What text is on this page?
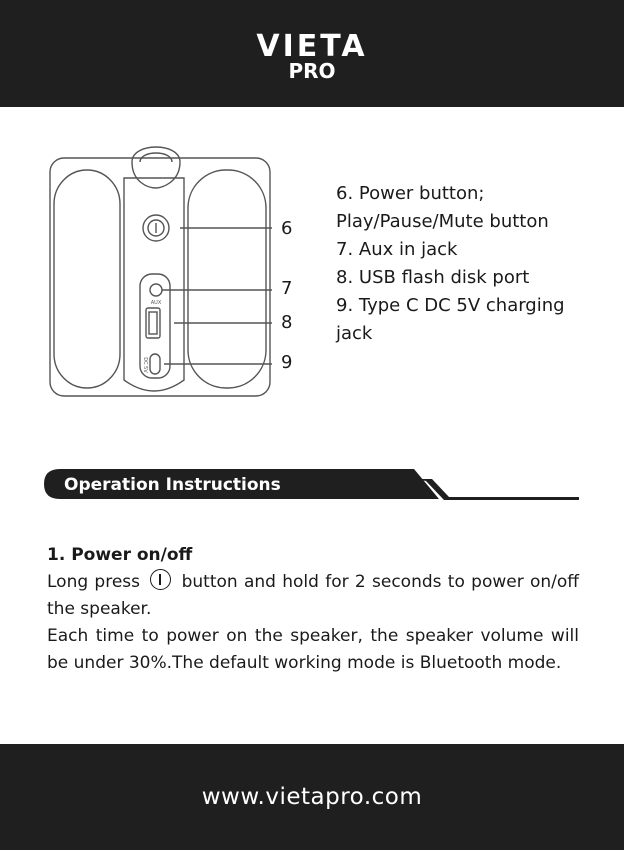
VIETA
PRO
AUX
DC 5V
6
7
8
9
6. Power button;
Play/Pause/Mute button
7. Aux in jack
8. USB flash disk port
9. Type C DC 5V charging
jack
Operation Instructions
1. Power on/off

Long press button and hold for 2 seconds to power on/off the speaker.

Each time to power on the speaker, the speaker volume will be under 30%.The default working mode is Bluetooth mode.

www.vietapro.com
